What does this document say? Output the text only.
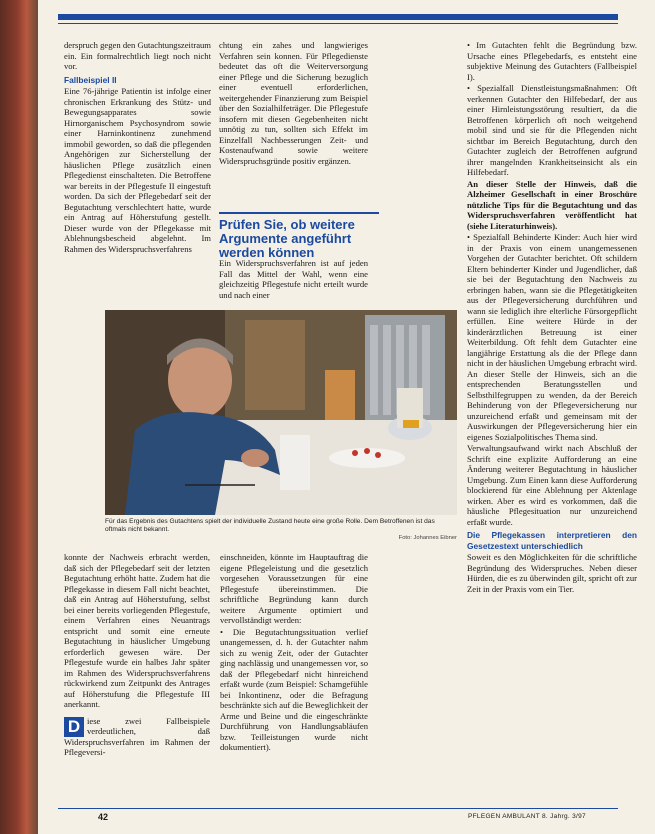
derspruch gegen den Gutachtungszeitraum ein. Ein formalrechtlich liegt noch nicht vor.

Fallbeispiel II

Eine 76-jährige Patientin ist infolge einer chronischen Erkrankung des Stütz- und Bewegungsapparates sowie Hirnorganischem Psychosyndrom sowie einer Harninkontinenz zunehmend immobil geworden, so daß die pflegenden Angehörigen zur Sicherstellung der häuslichen Pflege zusätzlich einen Pflegedienst einschalteten. Die Betroffene war bereits in der Pflegestufe II eingestuft worden. Da sich der Pflegebedarf seit der Begutachtung verschlechtert hatte, wurde ein Antrag auf Höherstufung gestellt. Dieser wurde von der Pflegekasse mit Ablehnungsbescheid abgelehnt. Im Rahmen des Widerspruchsverfahrens

chtung ein zahes und langwieriges Verfahren sein konnen. Für Pflegedienste bedeutet das oft die Weiterversorgung einer Pflege und die Sicherung bezuglich einer eventuell erforderlichen, weitergehender Finanzierung zum Beispiel über den Sozialhilfeträger. Die Pflegestufe insofern mit diesen Gegebenheiten nicht unnötig zu tun, sollten sich Effekt im Einzelfall Nachbesserungen Zeit- und Kostenaufwand sowie weitere Widerspruchsgründe positiv ergänzen.

Prüfen Sie, ob weitere Argumente angeführt werden können

Ein Widerspruchsverfahren ist auf jeden Fall das Mittel der Wahl, wenn eine gleichzeitig Pflegestufe nicht erteilt wurde und nach einer

• Im Gutachten fehlt die Begründung bzw. Ursache eines Pflegebedarfs, es entsteht eine subjektive Meinung des Gutachters (Fallbeispiel I).

• Spezialfall Dienstleistungsmaßnahmen: Oft verkennen Gutachter den Hilfebedarf, der aus einer Hirnleistungsstörung resultiert, da die Betroffenen körperlich oft noch weitgehend mobil sind und sie für die Pflegenden nicht sichtbar im Bereich Begutachtung, durch den Gutachter zugleich der Betroffenen aufgrund ihrer mangelnden Krankheitseinsicht als ein Hilfebedarf.

An dieser Stelle der Hinweis, daß die Alzheimer Gesellschaft in einer Broschüre nützliche Tips für die Begutachtung und das Widerspruchsverfahren veröffentlicht hat (siehe Literaturhinweis).

• Spezialfall Behinderte Kinder: Auch hier wird in der Praxis von einem unangemessenen Vorgehen der Gutachter berichtet. Oft schildern Eltern behinderter Kinder und Jugendlicher, daß sie bei der Begutachtung den Nachweis zu erbringen haben, wann sie die Pflegetätigkeiten aus der Pflegeversicherung durchführen und wann sie lediglich ihre elterliche Fürsorgepflicht erfüllen. Eine weitere Hürde in der kinderärztlichen Betreuung ist einer Weiterbildung. Oft fehlt dem Gutachter eine langjährige Erstattung als die der Pflege dann nicht in der häuslichen Umgebung erbracht wird. An dieser Stelle der Hinweis, sich an die entsprechenden Beratungsstellen und Selbsthilfegruppen zu wenden, da der Bereich Behinderung von der Pflegeversicherung nur unzureichend erfaßt und gemeinsam mit der Auswirkungen der Pflegeversicherung hier ein eigenes Sozialpolitisches Thema sind.

Verwaltungsaufwand wirkt nach Abschluß der Schrift eine explizite Aufforderung an eine Änderung weiterer Begutachtung in häuslicher Umgebung. Zum Einen kann diese Aufforderung blockierend für eine Ablehnung per Aktenlage wirken. Aber es wird es vorkommen, daß die häusliche Pflegesituation nur unzureichend erfaßt wurde.

Die Pflegekassen interpretieren den Gesetzestext unterschiedlich

Soweit es den Möglichkeiten für die schriftliche Begründung des Widerspruches. Neben dieser Hürden, die es zu überwinden gilt, spricht oft zur Zeit in der Praxis vom ein Tier.

Für das Ergebnis des Gutachtens spielt der individuelle Zustand heute eine große Rolle. Dem Betroffenen ist das oftmals nicht bekannt.
Foto: Johannes Eibner

konnte der Nachweis erbracht werden, daß sich der Pflegebedarf seit der letzten Begutachtung erhöht hatte. Zudem hat die Pflegekasse in diesem Fall nicht beachtet, daß ein Antrag auf Höherstufung, selbst bei einer bereits vorliegenden Pflegestufe, einem Verfahren eines Neuantrags entspricht und somit eine erneute Begutachtung in häuslicher Umgebung erforderlich gewesen wäre. Der Pflegestufe wurde ein halbes Jahr später im Rahmen des Widerspruchsverfahrens rückwirkend zum Zeitpunkt des Antrages auf Höherstufung die Pflegestufe III anerkannt.

D iese zwei Fallbeispiele verdeutlichen, daß Widerspruchsverfahren im Rahmen der Pflegeversi-

einschneiden, könnte im Hauptauftrag die eigene Pflegeleistung und die gesetzlich vorgesehen Voraussetzungen für eine Pflegestufe übereinstimmen. Die schriftliche Begründung kann durch weitere Argumente optimiert und vervollständigt werden:

• Die Begutachtungssituation verlief unangemessen, d. h. der Gutachter nahm sich zu wenig Zeit, oder der Gutachter ging nachlässig und unangemessen vor, so daß der Pflegebedarf nicht hinreichend erfaßt wurde (zum Beispiel: Schamgefühle bei Inkontinenz, oder die Befragung beschränkte sich auf die Beweglichkeit der Arme und Beine und die eingeschränkte Durchführung von Handlungsabläufen bzw. Teilleistungen wurde nicht dokumentiert).

42	PFLEGEN AMBULANT 8. Jahrg. 3/97
